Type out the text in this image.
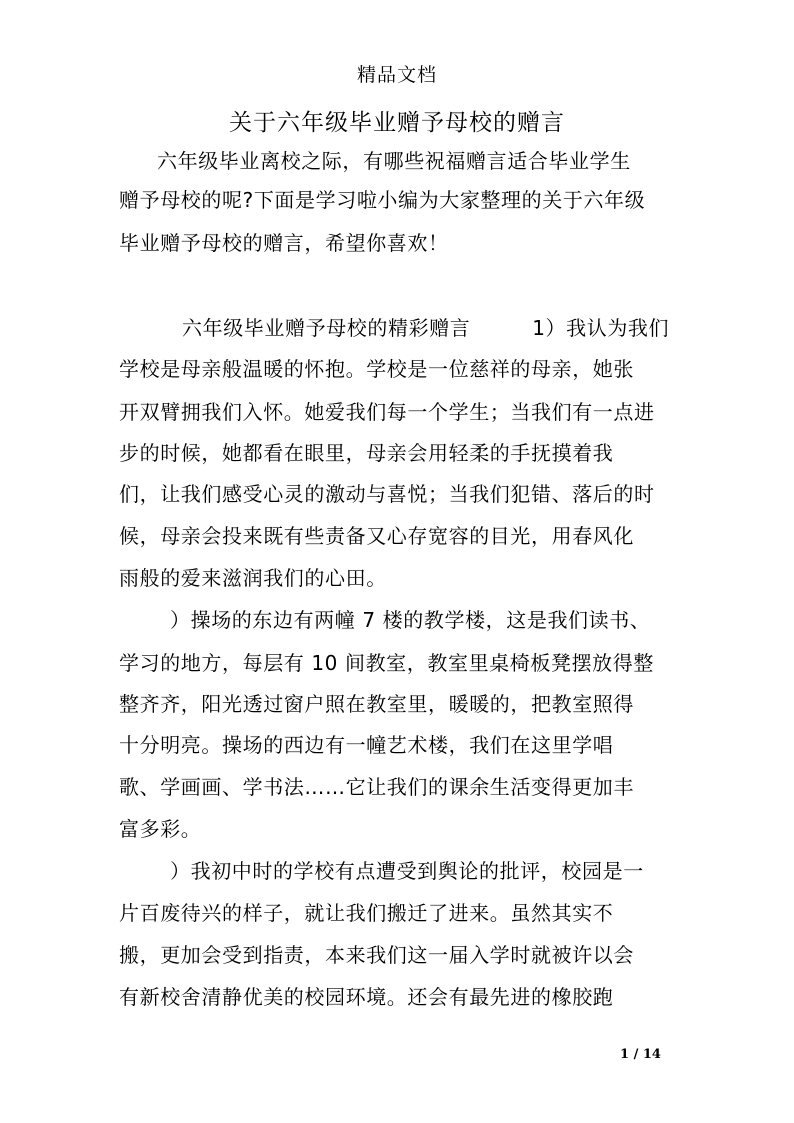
精品文档
关于六年级毕业赠予母校的赠言
六年级毕业离校之际，有哪些祝福赠言适合毕业学生
赠予母校的呢?下面是学习啦小编为大家整理的关于六年级
毕业赠予母校的赠言，希望你喜欢！
六年级毕业赠予母校的精彩赠言　　　1）我认为我们
学校是母亲般温暖的怀抱。学校是一位慈祥的母亲，她张
开双臂拥我们入怀。她爱我们每一个学生；当我们有一点进
步的时候，她都看在眼里，母亲会用轻柔的手抚摸着我
们，让我们感受心灵的激动与喜悦；当我们犯错、落后的时
候，母亲会投来既有些责备又心存宽容的目光，用春风化
雨般的爱来滋润我们的心田。
）操场的东边有两幢 7 楼的教学楼，这是我们读书、
学习的地方，每层有 10 间教室，教室里桌椅板凳摆放得整
整齐齐，阳光透过窗户照在教室里，暖暖的，把教室照得
十分明亮。操场的西边有一幢艺术楼，我们在这里学唱
歌、学画画、学书法……它让我们的课余生活变得更加丰
富多彩。
）我初中时的学校有点遭受到舆论的批评，校园是一
片百废待兴的样子，就让我们搬迁了进来。虽然其实不
搬，更加会受到指责，本来我们这一届入学时就被许以会
有新校舍清静优美的校园环境。还会有最先进的橡胶跑
1 / 14
